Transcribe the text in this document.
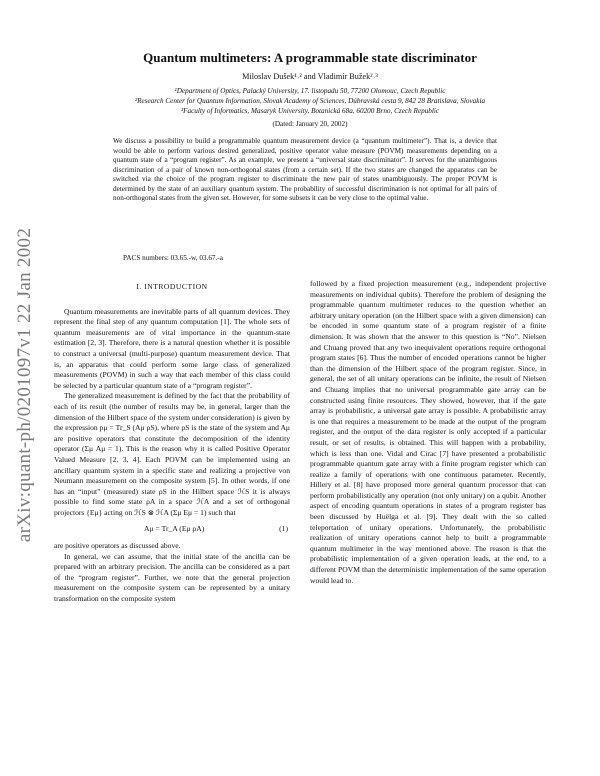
arXiv:quant-ph/0201097v1 22 Jan 2002
Quantum multimeters: A programmable state discriminator
Miloslav Dušek¹˒² and Vladimír Bužek²˒³
¹Department of Optics, Palacký University, 17. listopadu 50, 77200 Olomouc, Czech Republic
²Research Center for Quantum Information, Slovak Academy of Sciences, Dúbravská cesta 9, 842 28 Bratislava, Slovakia
³Faculty of Informatics, Masaryk University, Botanická 68a, 60200 Brno, Czech Republic
(Dated: January 20, 2002)
We discuss a possibility to build a programmable quantum measurement device (a “quantum multimeter”). That is, a device that would be able to perform various desired generalized, positive operator value measure (POVM) measurements depending on a quantum state of a “program register”. As an example, we present a “universal state discriminator”. It serves for the unambiguous discrimination of a pair of known non-orthogonal states (from a certain set). If the two states are changed the apparatus can be switched via the choice of the program register to discriminate the new pair of states unambiguously. The proper POVM is determined by the state of an auxiliary quantum system. The probability of successful discrimination is not optimal for all pairs of non-orthogonal states from the given set. However, for some subsets it can be very close to the optimal value.
PACS numbers: 03.65.-w, 03.67.-a
I. INTRODUCTION

Quantum measurements are inevitable parts of all quantum devices. They represent the final step of any quantum computation [1]. The whole sets of quantum measurements are of vital importance in the quantum-state estimation [2, 3]. Therefore, there is a natural question whether it is possible to construct a universal (multi-purpose) quantum measurement device. That is, an apparatus that could perform some large class of generalized measurements (POVM) in such a way that each member of this class could be selected by a particular quantum state of a “program register”.

The generalized measurement is defined by the fact that the probability of each of its result (the number of results may be, in general, larger than the dimension of the Hilbert space of the system under consideration) is given by the expression pμ = Tr_S (Aμ ρS), where ρS is the state of the system and Aμ are positive operators that constitute the decomposition of the identity operator (Σμ Aμ = 1). This is the reason why it is called Positive Operator Valued Measure [2, 3, 4]. Each POVM can be implemented using an ancillary quantum system in a specific state and realizing a projective von Neumann measurement on the composite system [5]. In other words, if one has an “input” (measured) state ρS in the Hilbert space ℋS it is always possible to find some state ρA in a space ℋA and a set of orthogonal projectors {Eμ} acting on ℋS ⊗ ℋA (Σμ Eμ = 1) such that

Aμ = Tr_A (Eμ ρA)	(1)

are positive operators as discussed above.

In general, we can assume, that the initial state of the ancilla can be prepared with an arbitrary precision. The ancilla can be considered as a part of the “program register”. Further, we note that the general projection measurement on the composite system can be represented by a unitary transformation on the composite system

followed by a fixed projection measurement (e.g., independent projective measurements on individual qubits). Therefore the problem of designing the programmable quantum multimeter reduces to the question whether an arbitrary unitary operation (on the Hilbert space with a given dimension) can be encoded in some quantum state of a program register of a finite dimension. It was shown that the answer to this question is “No”. Nielsen and Chuang proved that any two inequivalent operations require orthogonal program states [6]. Thus the number of encoded operations cannot be higher than the dimension of the Hilbert space of the program register. Since, in general, the set of all unitary operations can be infinite, the result of Nielsen and Chuang implies that no universal programmable gate array can be constructed using finite resources. They showed, however, that if the gate array is probabilistic, a universal gate array is possible. A probabilistic array is one that requires a measurement to be made at the output of the program register, and the output of the data register is only accepted if a particular result, or set of results, is obtained. This will happen with a probability, which is less than one. Vidal and Cirac [7] have presented a probabilistic programmable quantum gate array with a finite program register which can realize a family of operations with one continuous parameter. Recently, Hillery et al. [8] have proposed more general quantum processor that can perform probabilistically any operation (not only unitary) on a qubit. Another aspect of encoding quantum operations in states of a program register has been discussed by Huëlga et al. [9]. They dealt with the so called teleportation of unitary operations. Unfortunately, the probabilistic realization of unitary operations cannot help to built a programmable quantum multimeter in the way mentioned above. The reason is that the probabilistic implementation of a given operation leads, at the end, to a different POVM than the deterministic implementation of the same operation would lead to.
